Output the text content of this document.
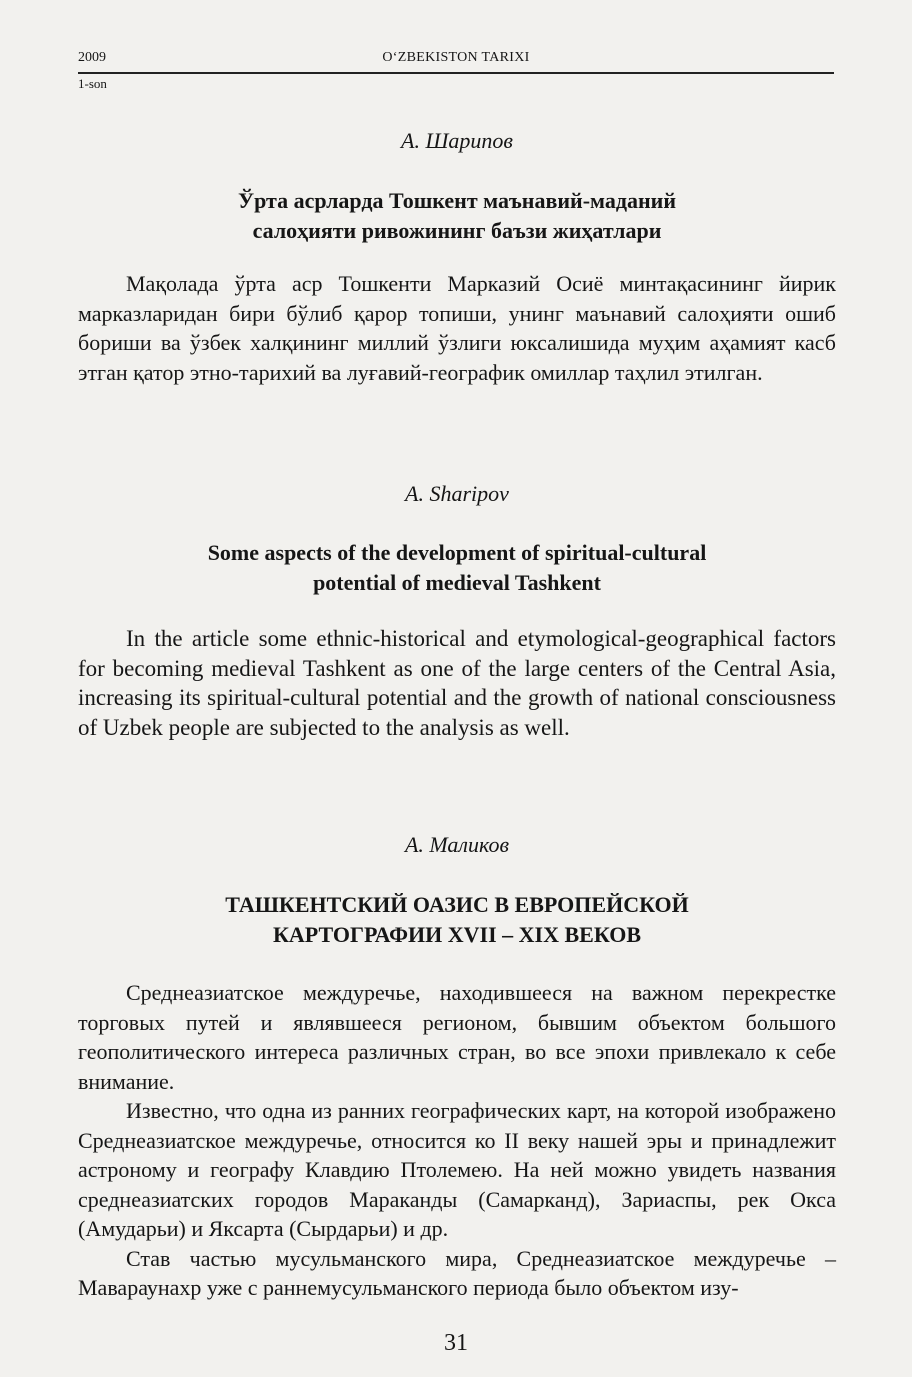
2009	O‘ZBEKISTON TARIXI
1-son
А. Шарипов
Ўрта асрларда Тошкент маънавий-маданий
салоҳияти ривожининг баъзи жиҳатлари

Мақолада ўрта аср Тошкенти Марказий Осиё минтақасининг йирик марказларидан бири бўлиб қарор топиши, унинг маънавий салоҳияти ошиб бориши ва ўзбек халқининг миллий ўзлиги юксалишида муҳим аҳамият касб этган қатор этно-тарихий ва луғавий-географик омиллар таҳлил этилган.

A. Sharipov
Some aspects of the development of spiritual-cultural
potential of medieval Tashkent

In the article some ethnic-historical and etymological-geographical factors for becoming medieval Tashkent as one of the large centers of the Central Asia, increasing its spiritual-cultural potential and the growth of national consciousness of Uzbek people are subjected to the analysis as well.

А. Маликов
ТАШКЕНТСКИЙ ОАЗИС В ЕВРОПЕЙСКОЙ
КАРТОГРАФИИ XVII – XIX ВЕКОВ

Среднеазиатское междуречье, находившееся на важном перекрестке торговых путей и являвшееся регионом, бывшим объектом большого геополитического интереса различных стран, во все эпохи привлекало к себе внимание.

Известно, что одна из ранних географических карт, на которой изображено Среднеазиатское междуречье, относится ко II веку нашей эры и принадлежит астроному и географу Клавдию Птолемею. На ней можно увидеть названия среднеазиатских городов Мараканды (Самарканд), Зариаспы, рек Окса (Амударьи) и Яксарта (Сырдарьи) и др.

Став частью мусульманского мира, Среднеазиатское междуречье – Мавараунахр уже с раннемусульманского периода было объектом изу-

31
